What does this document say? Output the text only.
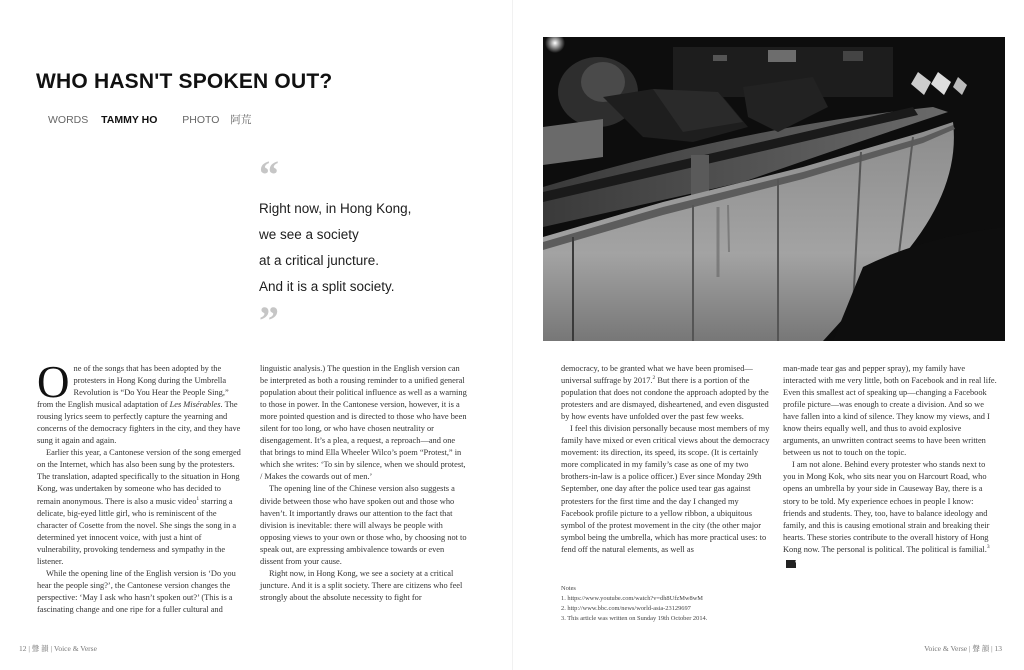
WHO HASN'T SPOKEN OUT?
WORDS TAMMY HO PHOTO 阿荒
“
Right now, in Hong Kong,
we see a society
at a critical juncture.
And it is a split society.
”

One of the songs that has been adopted by the protesters in Hong Kong during the Umbrella Revolution is “Do You Hear the People Sing,” from the English musical adaptation of Les Misérables. The rousing lyrics seem to perfectly capture the yearning and concerns of the democracy fighters in the city, and they have sung it again and again.

Earlier this year, a Cantonese version of the song emerged on the Internet, which has also been sung by the protesters. The translation, adapted specifically to the situation in Hong Kong, was undertaken by someone who has decided to remain anonymous. There is also a music video$^1$ starring a delicate, big-eyed little girl, who is reminiscent of the character of Cosette from the novel. She sings the song in a determined yet innocent voice, with just a hint of vulnerability, provoking tenderness and sympathy in the listener.

While the opening line of the English version is ‘Do you hear the people sing?’, the Cantonese version changes the perspective: ‘May I ask who hasn’t spoken out?’ (This is a fascinating change and one ripe for a fuller cultural and

linguistic analysis.) The question in the English version can be interpreted as both a rousing reminder to a unified general population about their political influence as well as a warning to those in power. In the Cantonese version, however, it is a more pointed question and is directed to those who have been silent for too long, or who have chosen neutrality or disengagement. It’s a plea, a request, a reproach—and one that brings to mind Ella Wheeler Wilco’s poem “Protest,” in which she writes: ‘To sin by silence, when we should protest, / Makes the cowards out of men.’

The opening line of the Chinese version also suggests a divide between those who have spoken out and those who haven’t. It importantly draws our attention to the fact that division is inevitable: there will always be people with opposing views to your own or those who, by choosing not to speak out, are expressing ambivalence towards or even dissent from your cause.

Right now, in Hong Kong, we see a society at a critical juncture. And it is a split society. There are citizens who feel strongly about the absolute necessity to fight for

democracy, to be granted what we have been promised—universal suffrage by 2017.$^2$ But there is a portion of the population that does not condone the approach adopted by the protesters and are dismayed, disheartened, and even disgusted by how events have unfolded over the past few weeks.

I feel this division personally because most members of my family have mixed or even critical views about the democracy movement: its direction, its speed, its scope. (It is certainly more complicated in my family’s case as one of my two brothers-in-law is a police officer.) Ever since Monday 29th September, one day after the police used tear gas against protesters for the first time and the day I changed my Facebook profile picture to a yellow ribbon, a ubiquitous symbol of the protest movement in the city (the other major symbol being the umbrella, which has more practical uses: to fend off the natural elements, as well as

Notes
1. https://www.youtube.com/watch?v=dh8UfzMw8wM
2. http://www.bbc.com/news/world-asia-23129697
3. This article was written on Sunday 19th October 2014.

man-made tear gas and pepper spray), my family have interacted with me very little, both on Facebook and in real life. Even this smallest act of speaking up—changing a Facebook profile picture—was enough to create a division. And so we have fallen into a kind of silence. They know my views, and I know theirs equally well, and thus to avoid explosive arguments, an unwritten contract seems to have been written between us not to touch on the topic.

I am not alone. Behind every protester who stands next to you in Mong Kok, who sits near you on Harcourt Road, who opens an umbrella by your side in Causeway Bay, there is a story to be told. My experience echoes in people I know: friends and students. They, too, have to balance ideology and family, and this is causing emotional strain and breaking their hearts. These stories contribute to the overall history of Hong Kong now. The personal is political. The political is familial.$^3$V

12 | 聲 韻 | Voice & Verse	Voice & Verse | 聲 韻 | 13
